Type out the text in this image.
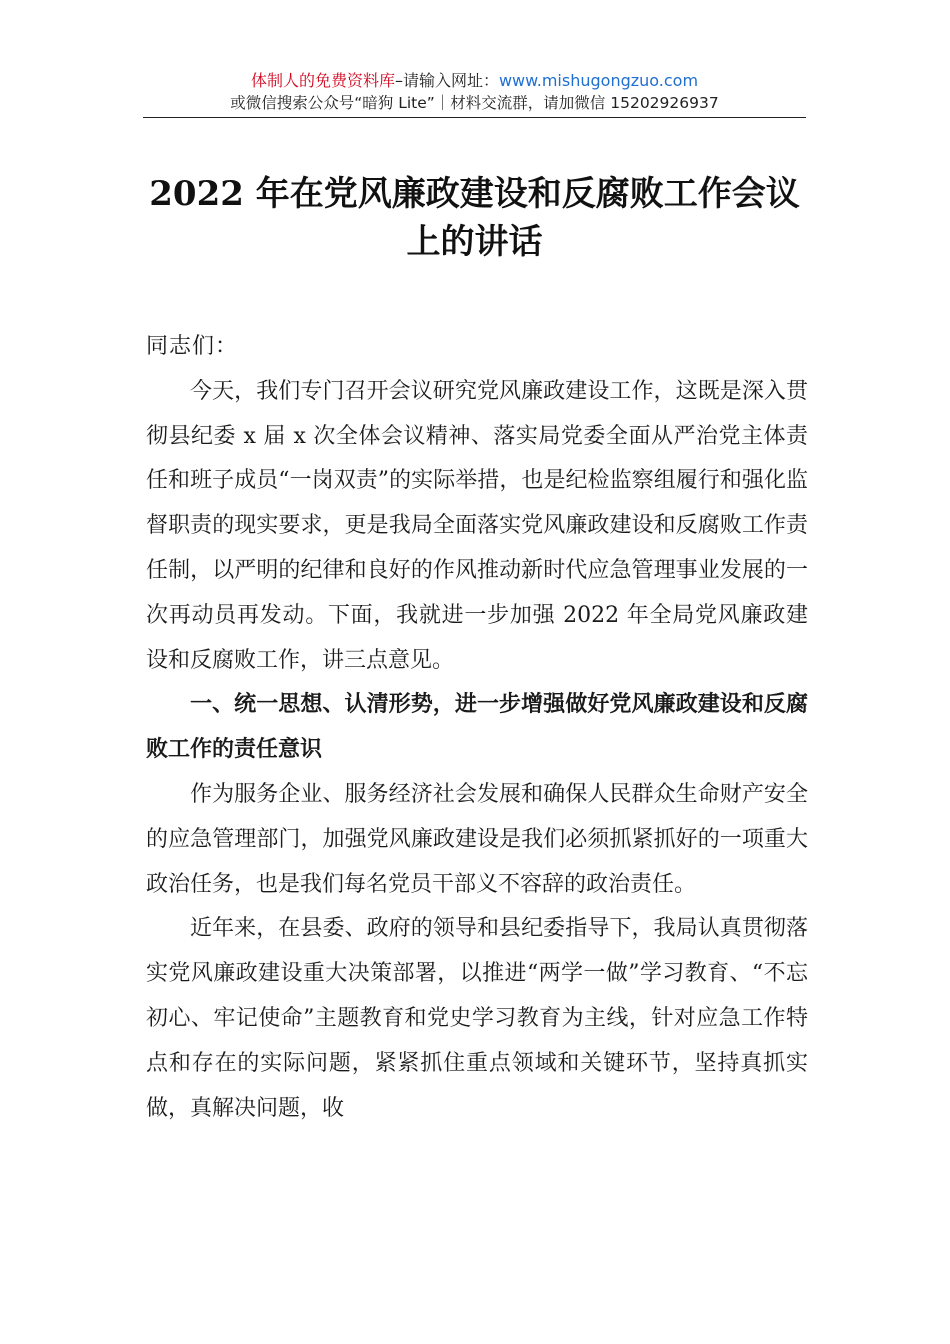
体制人的免费资料库–请输入网址：www.mishugongzuo.com
或微信搜索公众号“暗狗 Lite”｜材料交流群，请加微信 15202926937
2022 年在党风廉政建设和反腐败工作会议
上的讲话

同志们：

今天，我们专门召开会议研究党风廉政建设工作，这既是深入贯彻县纪委 x 届 x 次全体会议精神、落实局党委全面从严治党主体责任和班子成员“一岗双责”的实际举措，也是纪检监察组履行和强化监督职责的现实要求，更是我局全面落实党风廉政建设和反腐败工作责任制，以严明的纪律和良好的作风推动新时代应急管理事业发展的一次再动员再发动。下面，我就进一步加强 2022 年全局党风廉政建设和反腐败工作，讲三点意见。

一、统一思想、认清形势，进一步增强做好党风廉政建设和反腐败工作的责任意识

作为服务企业、服务经济社会发展和确保人民群众生命财产安全的应急管理部门，加强党风廉政建设是我们必须抓紧抓好的一项重大政治任务，也是我们每名党员干部义不容辞的政治责任。

近年来，在县委、政府的领导和县纪委指导下，我局认真贯彻落实党风廉政建设重大决策部署，以推进“两学一做”学习教育、“不忘初心、牢记使命”主题教育和党史学习教育为主线，针对应急工作特点和存在的实际问题，紧紧抓住重点领域和关键环节，坚持真抓实做，真解决问题，收
